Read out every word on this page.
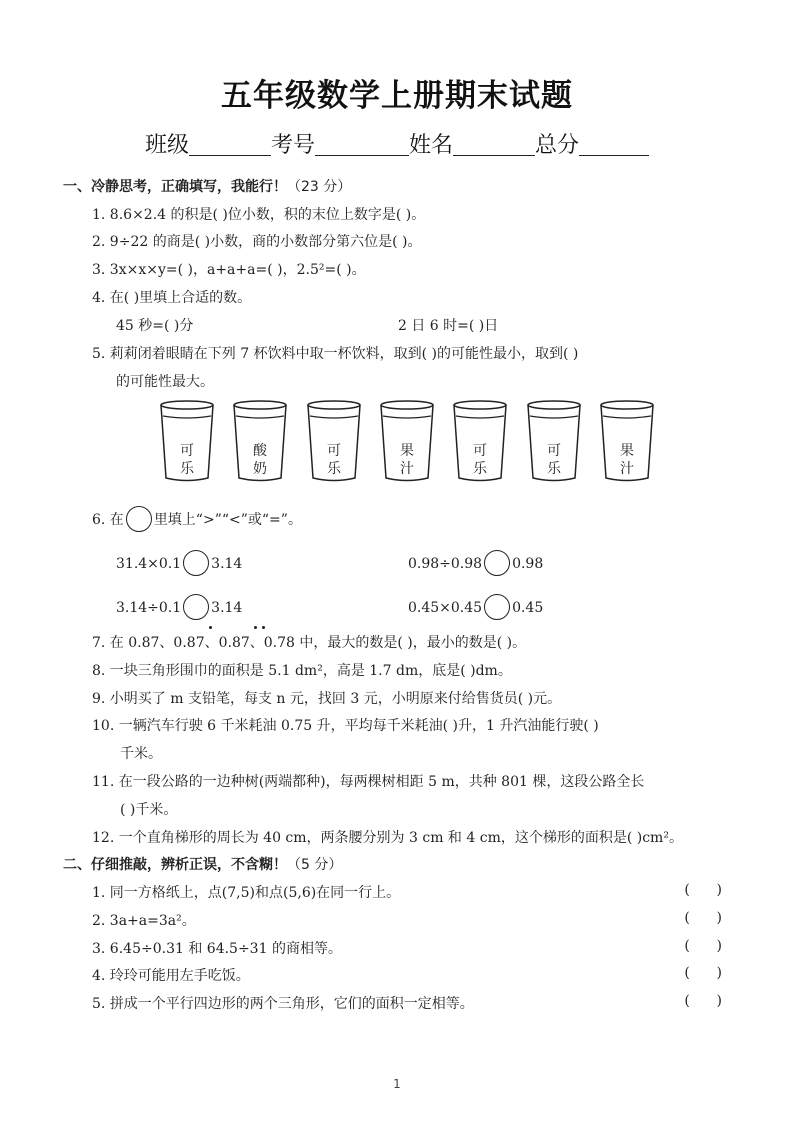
五年级数学上册期末试题
班级	考号	姓名	总分
一、冷静思考，正确填写，我能行！（23 分）
1. 8.6×2.4 的积是( )位小数，积的末位上数字是( )。
2. 9÷22 的商是( )小数，商的小数部分第六位是( )。
3. 3x×x×y=( )，a+a+a=( )，2.5²=( )。
4. 在( )里填上合适的数。
45 秒=( )分	2 日 6 时=( )日
5. 莉莉闭着眼睛在下列 7 杯饮料中取一杯饮料，取到( )的可能性最小，取到( )
的可能性最大。
可
乐
酸
奶
可
乐
果
汁
可
乐
可
乐
果
汁
6. 在 里填上“>”“<”或“=”。
31.4×0.1 3.14	0.98÷0.98 0.98
3.14÷0.1 3.14	0.45×0.45 0.45
7. 在 0.87、0.87、0.87、0.78 中，最大的数是( )，最小的数是( )。
8. 一块三角形围巾的面积是 5.1 dm²，高是 1.7 dm，底是( )dm。
9. 小明买了 m 支铅笔，每支 n 元，找回 3 元，小明原来付给售货员( )元。
10. 一辆汽车行驶 6 千米耗油 0.75 升，平均每千米耗油( )升，1 升汽油能行驶( )
千米。
11. 在一段公路的一边种树(两端都种)，每两棵树相距 5 m，共种 801 棵，这段公路全长
( )千米。
12. 一个直角梯形的周长为 40 cm，两条腰分别为 3 cm 和 4 cm，这个梯形的面积是( )cm²。
二、仔细推敲，辨析正误，不含糊！（5 分）
1. 同一方格纸上，点(7,5)和点(5,6)在同一行上。	(      )
2. 3a+a=3a²。	(      )
3. 6.45÷0.31 和 64.5÷31 的商相等。	(      )
4. 玲玲可能用左手吃饭。	(      )
5. 拼成一个平行四边形的两个三角形，它们的面积一定相等。	(      )
1
